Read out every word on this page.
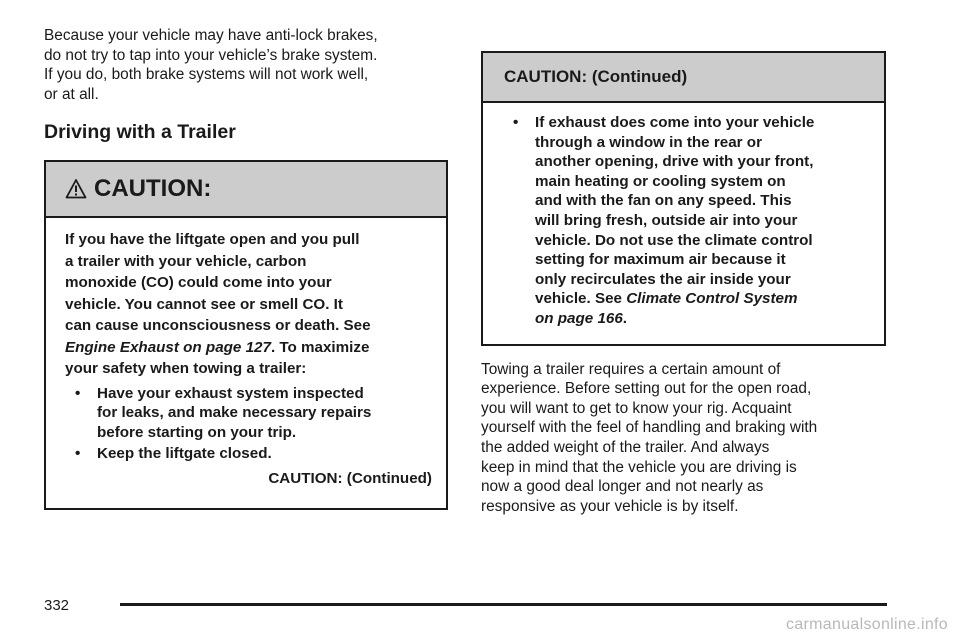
Because your vehicle may have anti-lock brakes,
do not try to tap into your vehicle’s brake system.
If you do, both brake systems will not work well,
or at all.
Driving with a Trailer
CAUTION:
If you have the liftgate open and you pull
a trailer with your vehicle, carbon
monoxide (CO) could come into your
vehicle. You cannot see or smell CO. It
can cause unconsciousness or death. See
Engine Exhaust on page 127. To maximize
your safety when towing a trailer:
• Have your exhaust system inspected
for leaks, and make necessary repairs
before starting on your trip.
• Keep the liftgate closed.
CAUTION: (Continued)
CAUTION: (Continued)
• If exhaust does come into your vehicle
through a window in the rear or
another opening, drive with your front,
main heating or cooling system on
and with the fan on any speed. This
will bring fresh, outside air into your
vehicle. Do not use the climate control
setting for maximum air because it
only recirculates the air inside your
vehicle. See Climate Control System
on page 166.
Towing a trailer requires a certain amount of
experience. Before setting out for the open road,
you will want to get to know your rig. Acquaint
yourself with the feel of handling and braking with
the added weight of the trailer. And always
keep in mind that the vehicle you are driving is
now a good deal longer and not nearly as
responsive as your vehicle is by itself.
332
carmanualsonline.info
